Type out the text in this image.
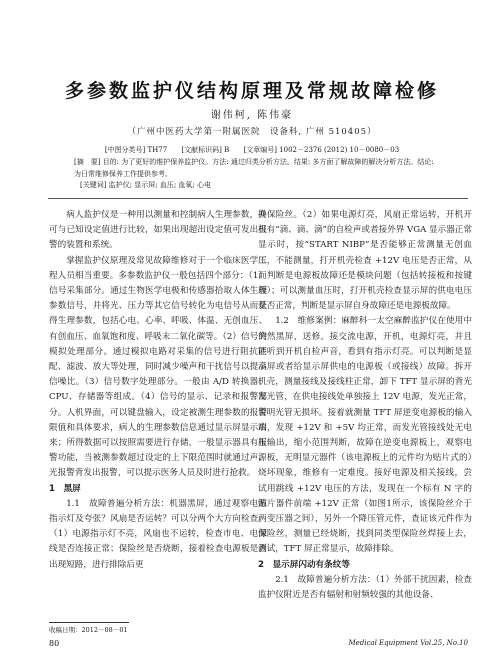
多参数监护仪结构原理及常规故障检修
谢伟柯, 陈伟豪
（广州中医药大学第一附属医院　设备科, 广州 510405）
[中图分类号] TH77 [文献标识码] B [文章编号] 1002－2376 (2012) 10－0080－03

[摘　要] 目的: 为了更好的维护保养监护仪。方法: 通过归类分析方法。结果: 多方面了解故障的解决分析方法。结论: 为日常维修保养工作提供参考。

[关键词] 监护仪; 显示屏; 血压; 血氧; 心电

病人监护仪是一种用以测量和控制病人生理参数，并可与已知设定值进行比较，如果出现超出设定值可发出报警的装置和系统。

掌握监护仪原理及常见故障维修对于一个临床医学工程人员相当重要。多参数监护仪一般包括四个部分：（1）信号采集部分。通过生物医学电极和传感器拾取人体生理参数信号，并将光、压力等其它信号转化为电信号从而获得生理参数，包括心电、心率、呼吸、体温、无创血压、有创血压、血氧饱和度、呼吸末二氧化碳等。（2）信号的模拟处理部分。通过模拟电路对采集的信号进行阻抗匹配、滤波、放大等处理，同时减少噪声和干扰信号以提高信噪比。（3）信号数字处理部分。一般由 A/D 转换器、CPU、存储器等组成。（4）信号的显示、记录和报警部分。人机界面，可以键盘输入，设定被测生理参数的报警限值和具体要求，病人的生理参数信息通过显示屏显示出来；所得数据可以按照需要进行存储，一般显示器具有报警功能，当被测参数超过设定的上下限范围时就通过声、光报警背发出报警，可以提示医务人员及时进行抢救。

1　黑屏

1.1　故障普遍分析方法：机器黑屏，通过观察电源指示灯及夸张？风扇是否运转？可以分两个大方向检查。（1）电源指示灯不亮，风扇也不运转，检查市电、电源线是否连接正常；保险丝是否烧断，接着检查电源板是否出现短路，进行排除后更

换保险丝。（2）如果电源灯亮，风扇正常运转，开机开机有“滴、滴、滴”的自检声或者接外界 VGA 显示器正常显示时，按“START NIBP”是否能够正常测量无创血压，不能测量，打开机壳检查 +12V 电压是否正常，从而判断是电源板故障还是模块问题（包括转接板和按键板）；可以测量血压时，打开机壳检查显示屏的供电电压是否正常，判断是显示屏自身故障还是电源板故障。

1.2　维修案例：麻醉科一太空麻醉监护仪在使用中突然黑屏，送修。接交流电源，开机，电源灯亮，并且能听到开机自检声音，看到有指示灯亮。可以判断是显示屏或者给显示屏供电的电源板（或接线）故障。拆开机壳，测量接线及接线柱正常，卸下 TFT 显示屏的背光发光管，在供电接线处单独接上 12V 电源，发光正常，说明光管无损坏。接着就测量 TFT 屏逆变电源板的输入端，发现 +12V 和 +5V 均正常，而发光管接线处无电压输出，缩小范围判断，故障在逆变电源板上，观察电源板，无明显元器件（该电源板上的元件均为贴片式的）烧坏现象，维修有一定难度。接好电源及相关接线，尝试用跳线 +12V 电压的方法，发现在一个标有 N 字的贴片器件前端 +12V 正常（如图1所示，该保险丝介于两变压器之间），另外一个降压管元件，查证该元件作为保险丝，测量已经烧断，找到同类型保险丝焊接上去，测试，TFT 屏正常显示，故障排除。

2　显示屏闪动有条纹等

2.1　故障普遍分析方法：（1）外部干扰因素，检查监护仪附近是否有辐射和射频较强的其他设备、

收稿日期：2012－08－01
80	Medical Equipment Vol.25, No.10
